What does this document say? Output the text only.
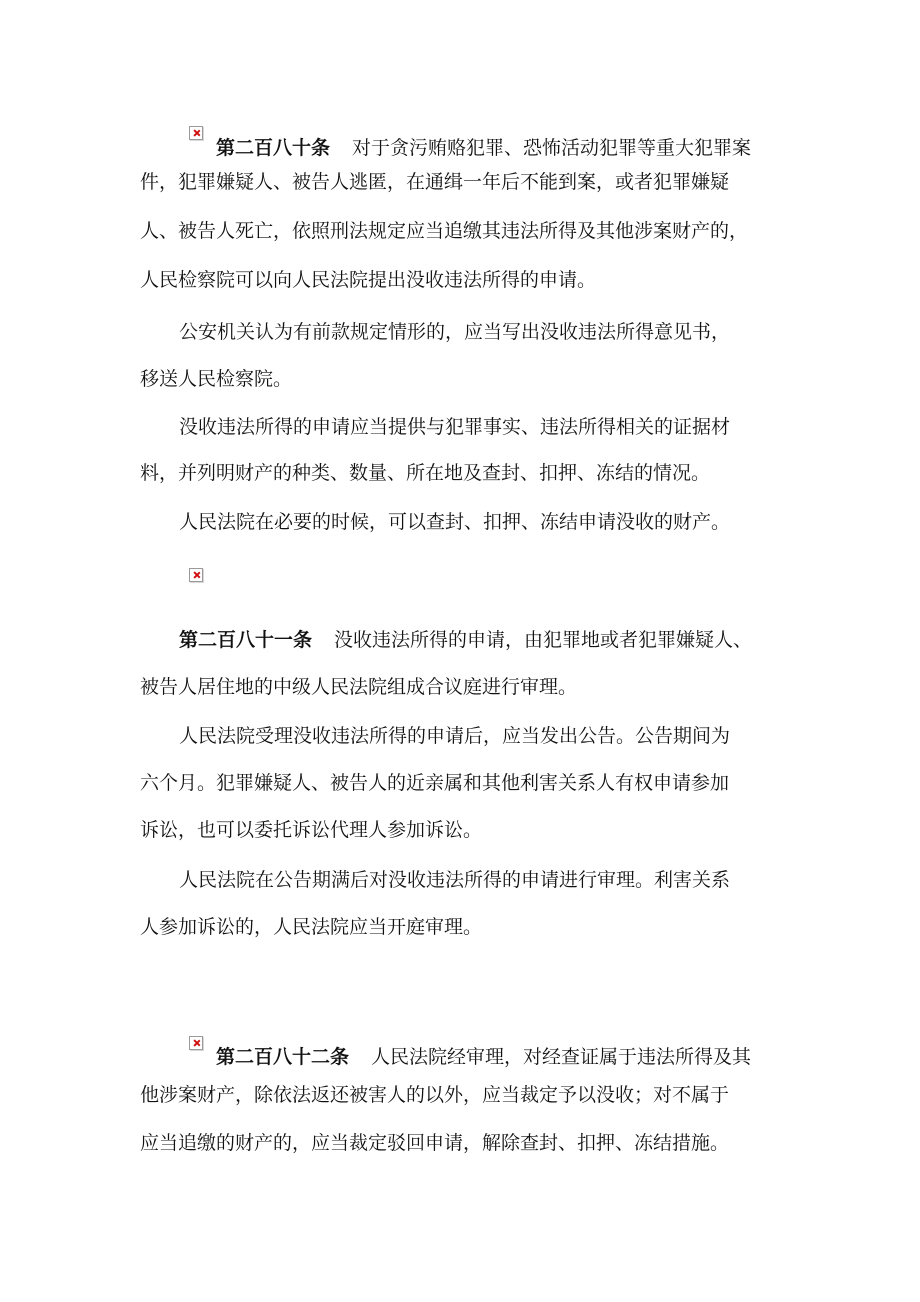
第二百八十条 对于贪污贿赂犯罪、恐怖活动犯罪等重大犯罪案
件，犯罪嫌疑人、被告人逃匿，在通缉一年后不能到案，或者犯罪嫌疑
人、被告人死亡，依照刑法规定应当追缴其违法所得及其他涉案财产的，
人民检察院可以向人民法院提出没收违法所得的申请。
公安机关认为有前款规定情形的，应当写出没收违法所得意见书，
移送人民检察院。
没收违法所得的申请应当提供与犯罪事实、违法所得相关的证据材
料，并列明财产的种类、数量、所在地及查封、扣押、冻结的情况。
人民法院在必要的时候，可以查封、扣押、冻结申请没收的财产。
第二百八十一条 没收违法所得的申请，由犯罪地或者犯罪嫌疑人、
被告人居住地的中级人民法院组成合议庭进行审理。
人民法院受理没收违法所得的申请后，应当发出公告。公告期间为
六个月。犯罪嫌疑人、被告人的近亲属和其他利害关系人有权申请参加
诉讼，也可以委托诉讼代理人参加诉讼。
人民法院在公告期满后对没收违法所得的申请进行审理。利害关系
人参加诉讼的，人民法院应当开庭审理。
第二百八十二条 人民法院经审理，对经查证属于违法所得及其
他涉案财产，除依法返还被害人的以外，应当裁定予以没收；对不属于
应当追缴的财产的，应当裁定驳回申请，解除查封、扣押、冻结措施。
